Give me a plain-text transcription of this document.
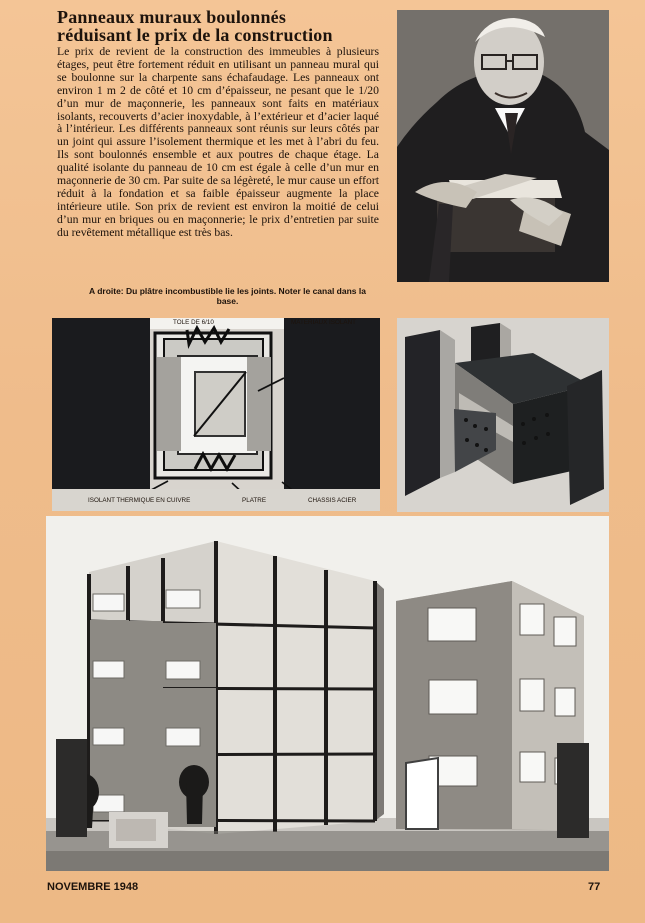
Panneaux muraux boulonnés
réduisant le prix de la construction
Le prix de revient de la construction des immeubles à plusieurs étages, peut être fortement réduit en utilisant un panneau mural qui se boulonne sur la charpente sans échafaudage. Les panneaux ont environ 1 m 2 de côté et 10 cm d’épaisseur, ne pesant que le 1/20 d’un mur de maçonnerie, les panneaux sont faits en matériaux isolants, recouverts d’acier inoxydable, à l’extérieur et d’acier laqué à l’intérieur. Les différents panneaux sont réunis sur leurs côtés par un joint qui assure l’isolement thermique et les met à l’abri du feu. Ils sont boulonnés ensemble et aux poutres de chaque étage. La qualité isolante du panneau de 10 cm est égale à celle d’un mur en maçonnerie de 30 cm. Par suite de sa légèreté, le mur cause un effort réduit à la fondation et sa faible épaisseur augmente la place intérieure utile. Son prix de revient est environ la moitié de celui d’un mur en briques ou en maçonnerie; le prix d’entretien par suite du revêtement métallique est très bas.
A droite: Du plâtre incombustible lie les joints. Noter le canal dans la base.
TOLE DE 6/10	MATERIAUX ISOLANT
ISOLANT THERMIQUE EN CUIVRE	PLATRE	CHASSIS ACIER
NOVEMBRE 1948	77
